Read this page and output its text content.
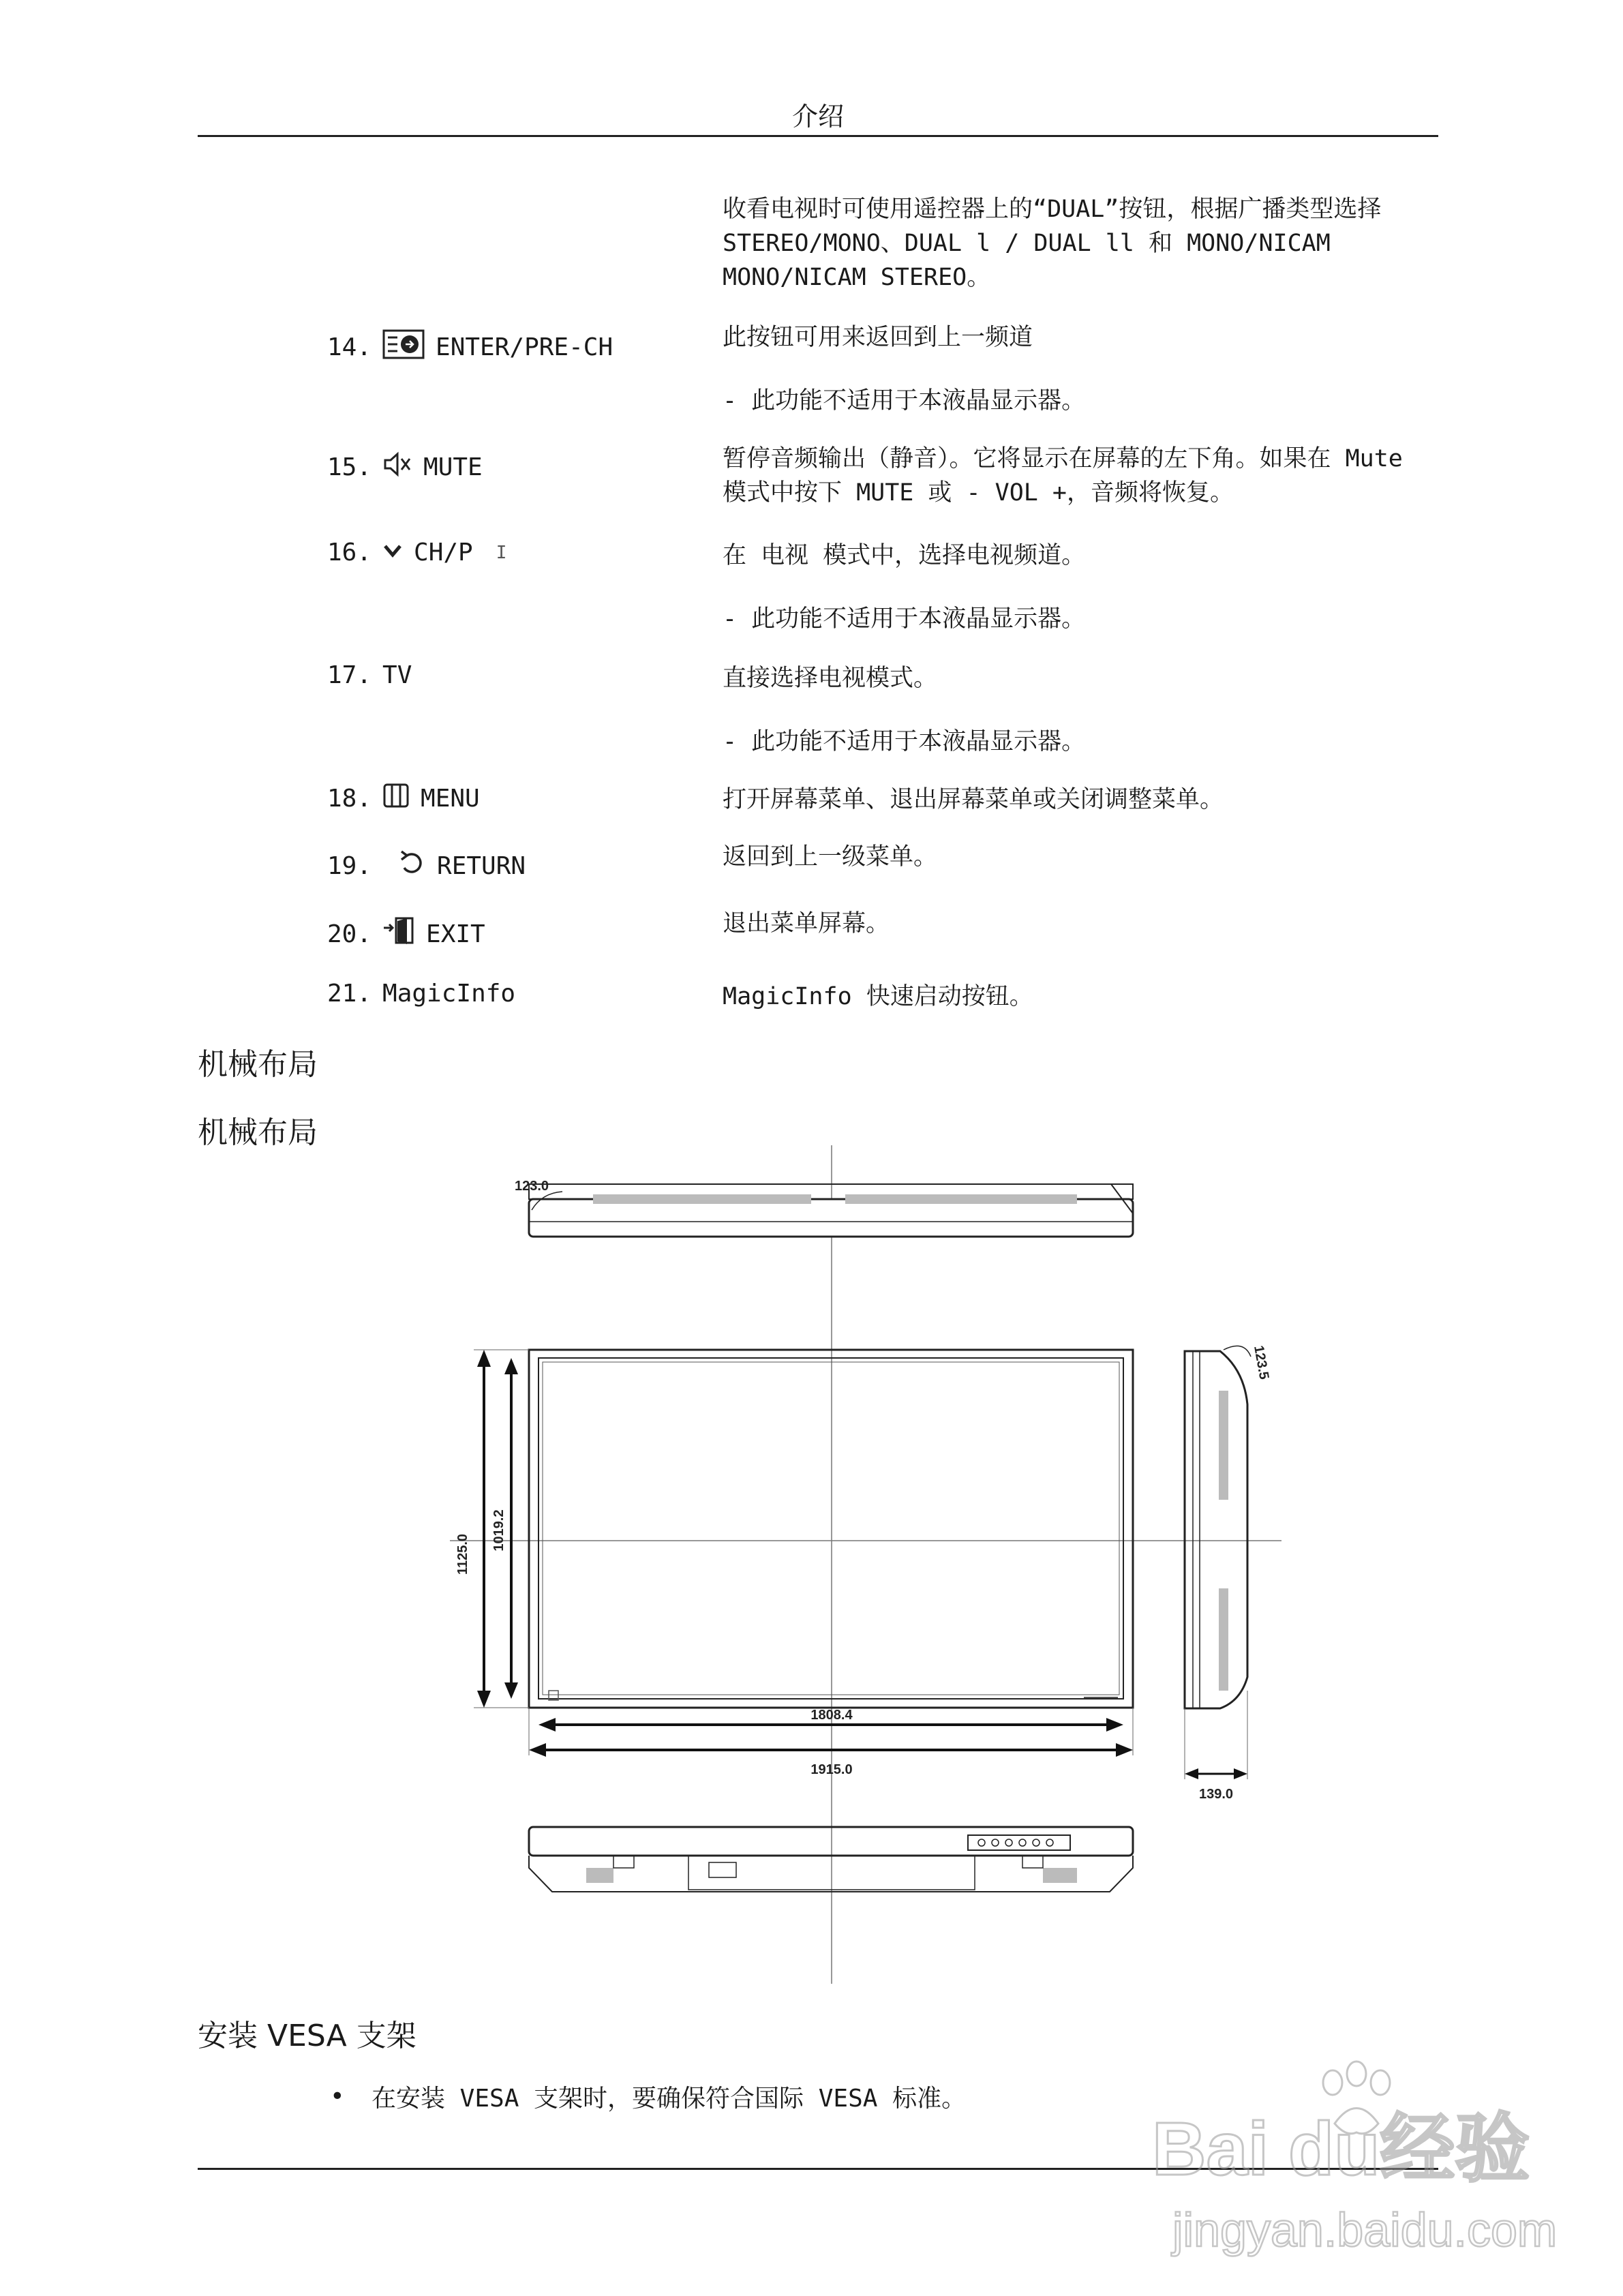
介绍
收看电视时可使用遥控器上的“DUAL”按钮，根据广播类型选择 STEREO/MONO、DUAL l / DUAL ll 和 MONO/NICAM MONO/NICAM STEREO。
14.	ENTER/PRE-CH	此按钮可用来返回到上一频道
- 此功能不适用于本液晶显示器。
15. MUTE	暂停音频输出（静音）。它将显示在屏幕的左下角。如果在 Mute 模式中按下 MUTE 或 - VOL +，音频将恢复。
16. CH/P I	在 电视 模式中，选择电视频道。
- 此功能不适用于本液晶显示器。
17. TV	直接选择电视模式。
- 此功能不适用于本液晶显示器。
18. MENU	打开屏幕菜单、退出屏幕菜单或关闭调整菜单。
19.	RETURN	返回到上一级菜单。
20. EXIT	退出菜单屏幕。
21. MagicInfo	MagicInfo 快速启动按钮。
机械布局
机械布局
123.0
1125.0
1019.2
1808.4
1915.0
123.5
139.0
安装 VESA 支架
• 在安装 VESA 支架时，要确保符合国际 VESA 标准。
Bai du经验
jingyan.baidu.com
